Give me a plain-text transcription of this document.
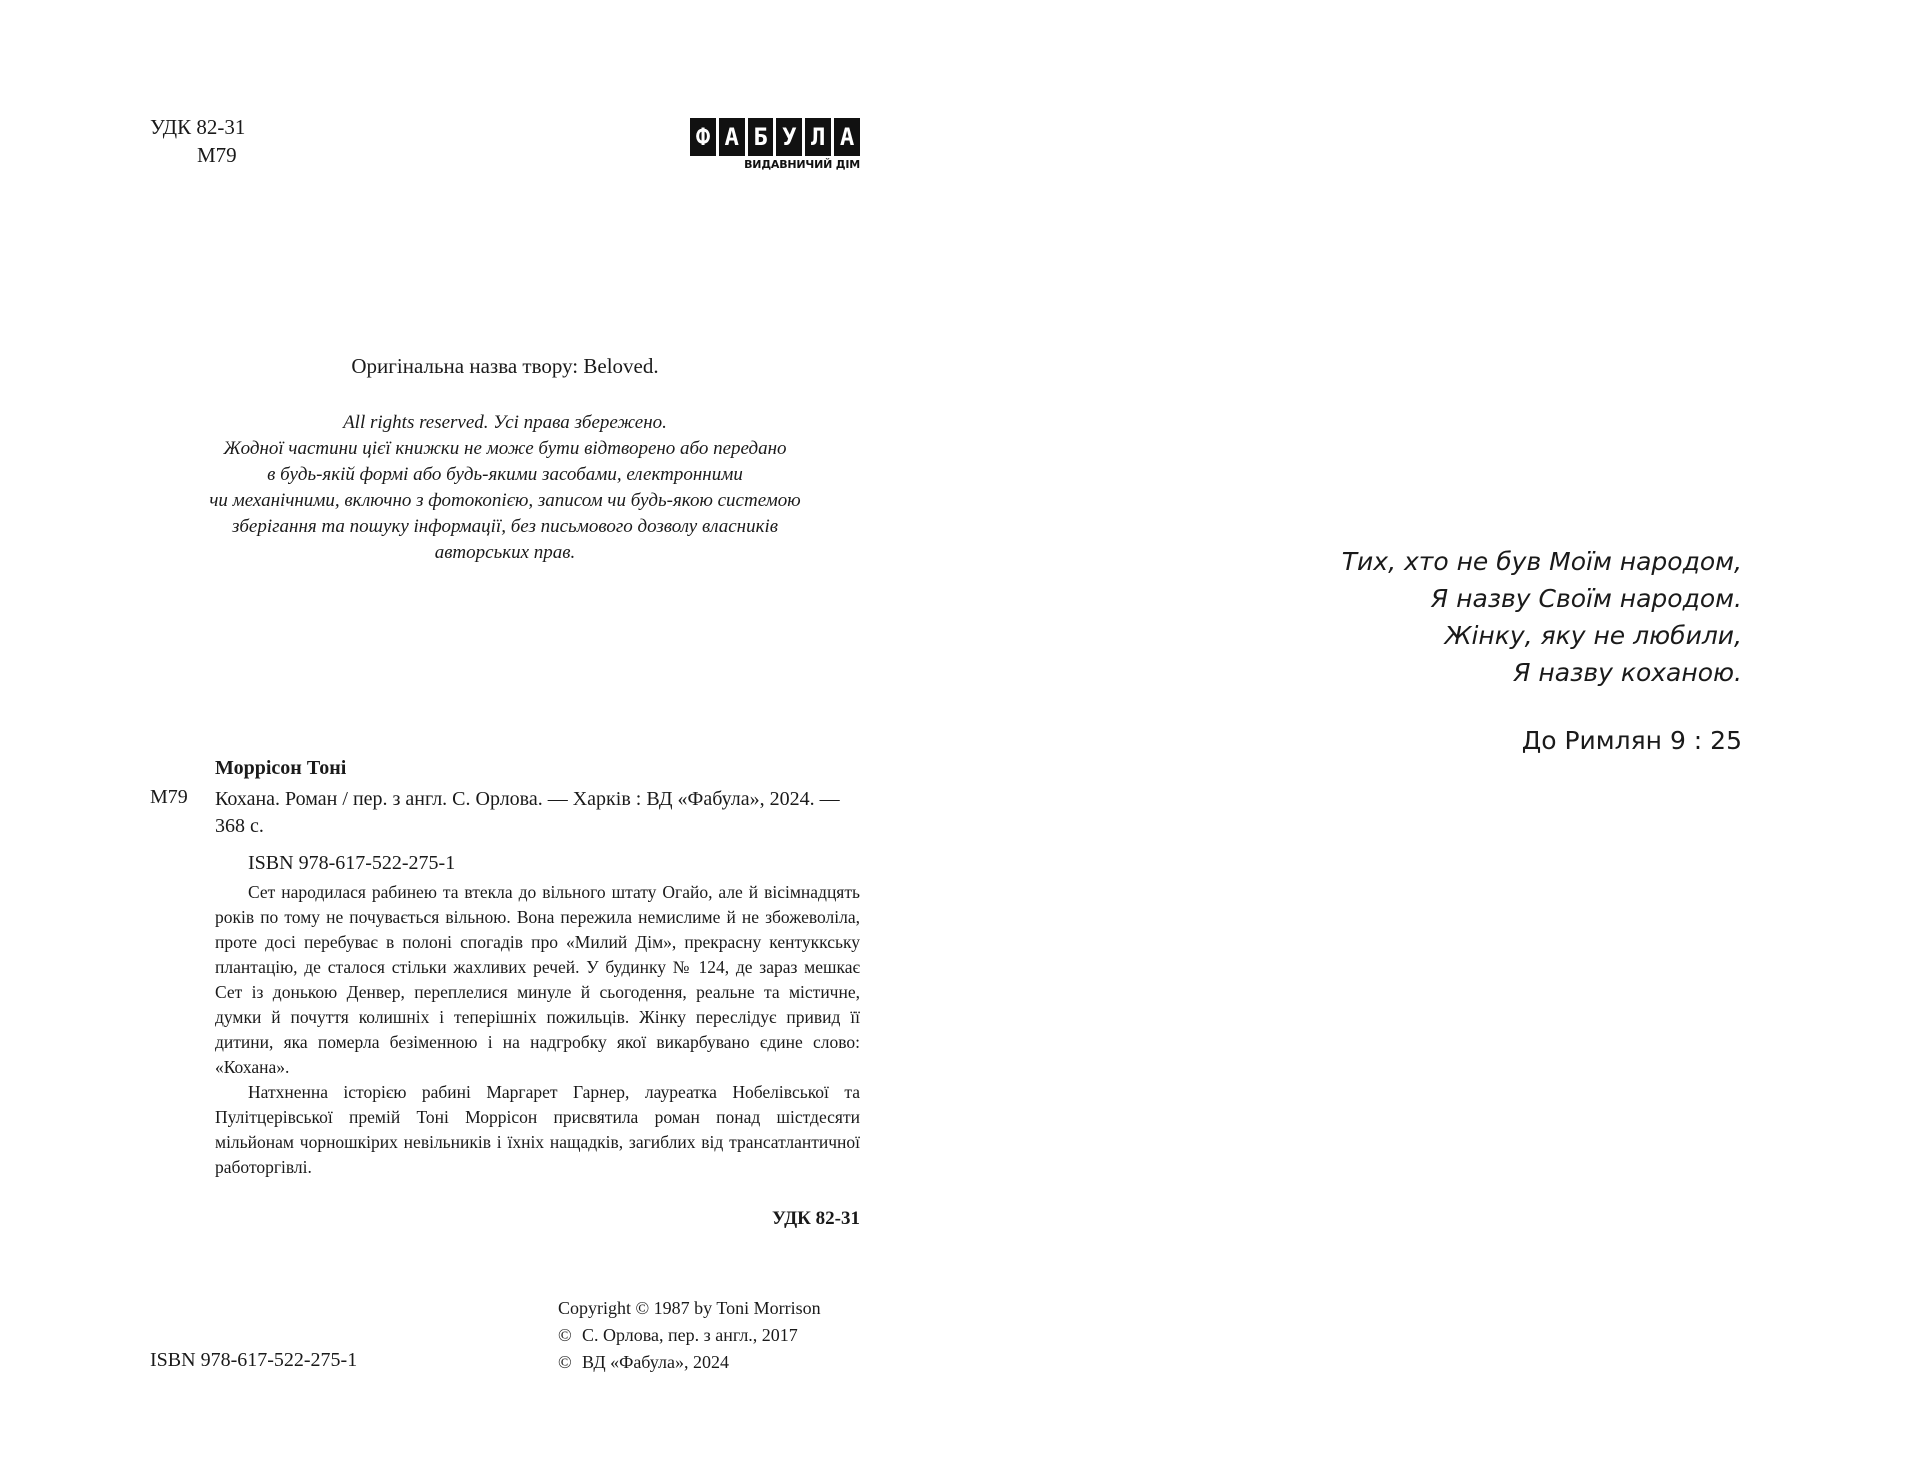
УДК 82-31
М79
Ф А Б У Л А
ВИДАВНИЧИЙ ДІМ
Оригінальна назва твору: Beloved.
All rights reserved. Усі права збережено.
Жодної частини цієї книжки не може бути відтворено або передано
в будь-якій формі або будь-якими засобами, електронними
чи механічними, включно з фотокопією, записом чи будь-якою системою
зберігання та пошуку інформації, без письмового дозволу власників
авторських прав.
Моррісон Тоні
М79 Кохана. Роман / пер. з англ. С. Орлова. — Харків : ВД «Фабула», 2024. — 368 с.
ISBN 978-617-522-275-1

Сет народилася рабинею та втекла до вільного штату Огайо, але й вісімнадцять років по тому не почувається вільною. Вона пережила немислиме й не збожеволіла, проте досі перебуває в полоні спогадів про «Милий Дім», прекрасну кентуккську плантацію, де сталося стільки жахливих речей. У будинку № 124, де зараз мешкає Сет із донькою Денвер, переплелися минуле й сьогодення, реальне та містичне, думки й почуття колишніх і теперішніх пожильців. Жінку переслідує привид її дитини, яка померла безіменною і на надгробку якої викарбувано єдине слово: «Кохана».

Натхненна історією рабині Маргарет Гарнер, лауреатка Нобелівської та Пулітцерівської премій Тоні Моррісон присвятила роман понад шістдесяти мільйонам чорношкірих невільників і їхніх нащадків, загиблих від трансатлантичної работоргівлі.

УДК 82-31
Copyright © 1987 by Toni Morrison
© С. Орлова, пер. з англ., 2017
© ВД «Фабула», 2024
ISBN 978-617-522-275-1
Тих, хто не був Моїм народом,
Я назву Своїм народом.
Жінку, яку не любили,
Я назву коханою.
До Римлян 9 : 25
